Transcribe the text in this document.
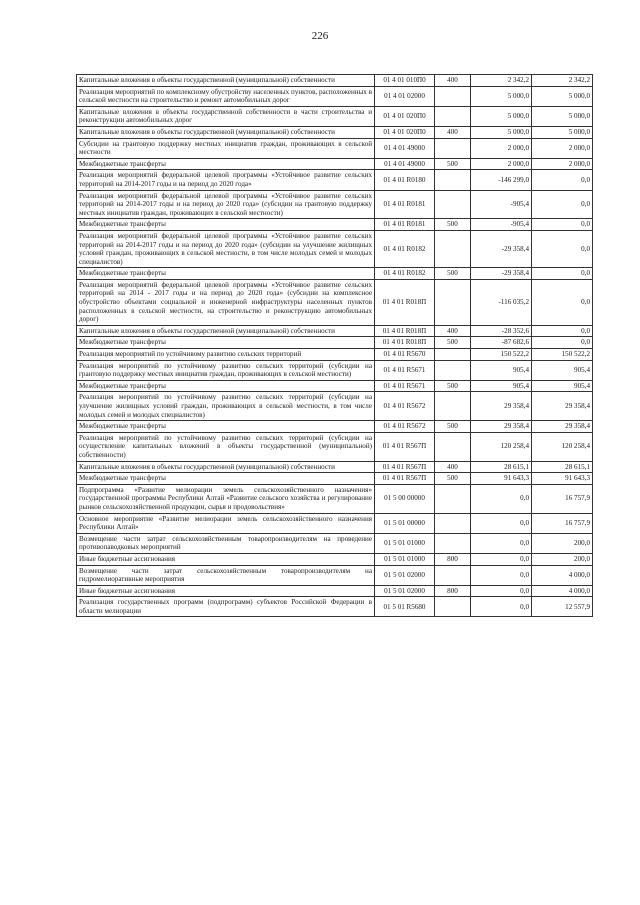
226
Капитальные вложения в объекты государственной (муниципальной) собственности	01 4 01 010П0	400	2 342,2	2 342,2
Реализация мероприятий по комплексному обустройству населенных пунктов, расположенных в сельской местности на строительство и ремонт автомобильных дорог	01 4 01 02000		5 000,0	5 000,0
Капитальные вложения в объекты государственной собственности в части строительства и реконструкции автомобильных дорог	01 4 01 020П0		5 000,0	5 000,0
Капитальные вложения в объекты государственной (муниципальной) собственности	01 4 01 020П0	400	5 000,0	5 000,0
Субсидии на грантовую поддержку местных инициатив граждан, проживающих в сельской местности	01 4 01 49000		2 000,0	2 000,0
Межбюджетные трансферты	01 4 01 49000	500	2 000,0	2 000,0
Реализация мероприятий федеральной целевой программы «Устойчивое развитие сельских территорий на 2014-2017 годы и на период до 2020 года»	01 4 01 R0180		-146 299,0	0,0
Реализация мероприятий федеральной целевой программы «Устойчивое развитие сельских территорий на 2014-2017 годы и на период до 2020 года» (субсидии на грантовую поддержку местных инициатив граждан, проживающих в сельской местности)	01 4 01 R0181		-905,4	0,0
Межбюджетные трансферты	01 4 01 R0181	500	-905,4	0,0
Реализация мероприятий федеральной целевой программы «Устойчивое развитие сельских территорий на 2014-2017 годы и на период до 2020 года» (субсидии на улучшение жилищных условий граждан, проживающих в сельской местности, в том числе молодых семей и молодых специалистов)	01 4 01 R0182		-29 358,4	0,0
Межбюджетные трансферты	01 4 01 R0182	500	-29 358,4	0,0
Реализация мероприятий федеральной целевой программы «Устойчивое развитие сельских территорий на 2014 - 2017 годы и на период до 2020 года» (субсидии на комплексное обустройство объектами социальной и инженерной инфраструктуры населенных пунктов расположенных в сельской местности, на строительство и реконструкцию автомобильных дорог)	01 4 01 R018П		-116 035,2	0,0
Капитальные вложения в объекты государственной (муниципальной) собственности	01 4 01 R018П	400	-28 352,6	0,0
Межбюджетные трансферты	01 4 01 R018П	500	-87 682,6	0,0
Реализация мероприятий по устойчивому развитию сельских территорий	01 4 01 R5670		150 522,2	150 522,2
Реализация мероприятий по устойчивому развитию сельских территорий (субсидии на грантовую поддержку местных инициатив граждан, проживающих в сельской местности)	01 4 01 R5671		905,4	905,4
Межбюджетные трансферты	01 4 01 R5671	500	905,4	905,4
Реализация мероприятий по устойчивому развитию сельских территорий (субсидии на улучшение жилищных условий граждан, проживающих в сельской местности, в том числе молодых семей и молодых специалистов)	01 4 01 R5672		29 358,4	29 358,4
Межбюджетные трансферты	01 4 01 R5672	500	29 358,4	29 358,4
Реализация мероприятий по устойчивому развитию сельских территорий (субсидии на осуществление капитальных вложений в объекты государственной (муниципальной) собственности)	01 4 01 R567П		120 258,4	120 258,4
Капитальные вложения в объекты государственной (муниципальной) собственности	01 4 01 R567П	400	28 615,1	28 615,1
Межбюджетные трансферты	01 4 01 R567П	500	91 643,3	91 643,3
Подпрограмма «Развитие мелиорации земель сельскохозяйственного назначения» государственной программы Республики Алтай «Развитие сельского хозяйства и регулирование рынков сельскохозяйственной продукции, сырья и продовольствия»	01 5 00 00000		0,0	16 757,9
Основное мероприятие «Развитие мелиорации земель сельскохозяйственного назначения Республики Алтай»	01 5 01 00000		0,0	16 757,9
Возмещение части затрат сельскохозяйственным товаропроизводителям на проведение противопаводковых мероприятий	01 5 01 01000		0,0	200,0
Иные бюджетные ассигнования	01 5 01 01000	800	0,0	200,0
Возмещение части затрат сельскохозяйственным товаропроизводителям на гидромелиоративные мероприятия	01 5 01 02000		0,0	4 000,0
Иные бюджетные ассигнования	01 5 01 02000	800	0,0	4 000,0
Реализация государственных программ (подпрограмм) субъектов Российской Федерации в области мелиорации	01 5 01 R5680		0,0	12 557,9
